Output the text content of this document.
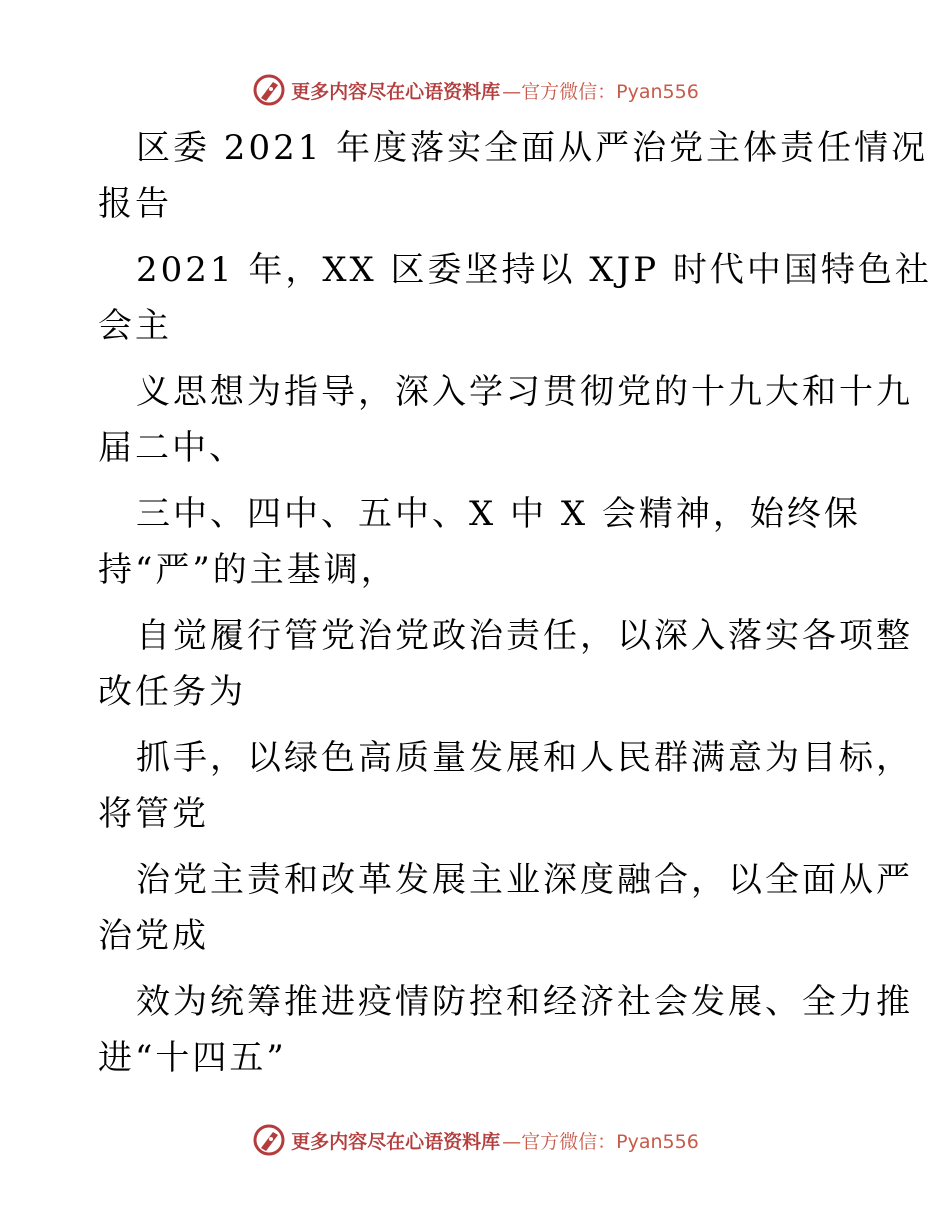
更多内容尽在心语资料库 —官方微信：Pyan556
区委 2021 年度落实全面从严治党主体责任情况
报告
2021 年，XX 区委坚持以 XJP 时代中国特色社
会主
义思想为指导，深入学习贯彻党的十九大和十九
届二中、
三中、四中、五中、X 中 X 会精神，始终保
持“严”的主基调，
自觉履行管党治党政治责任，以深入落实各项整
改任务为
抓手，以绿色高质量发展和人民群满意为目标，
将管党
治党主责和改革发展主业深度融合，以全面从严
治党成
效为统筹推进疫情防控和经济社会发展、全力推
进“十四五”
更多内容尽在心语资料库 —官方微信：Pyan556
